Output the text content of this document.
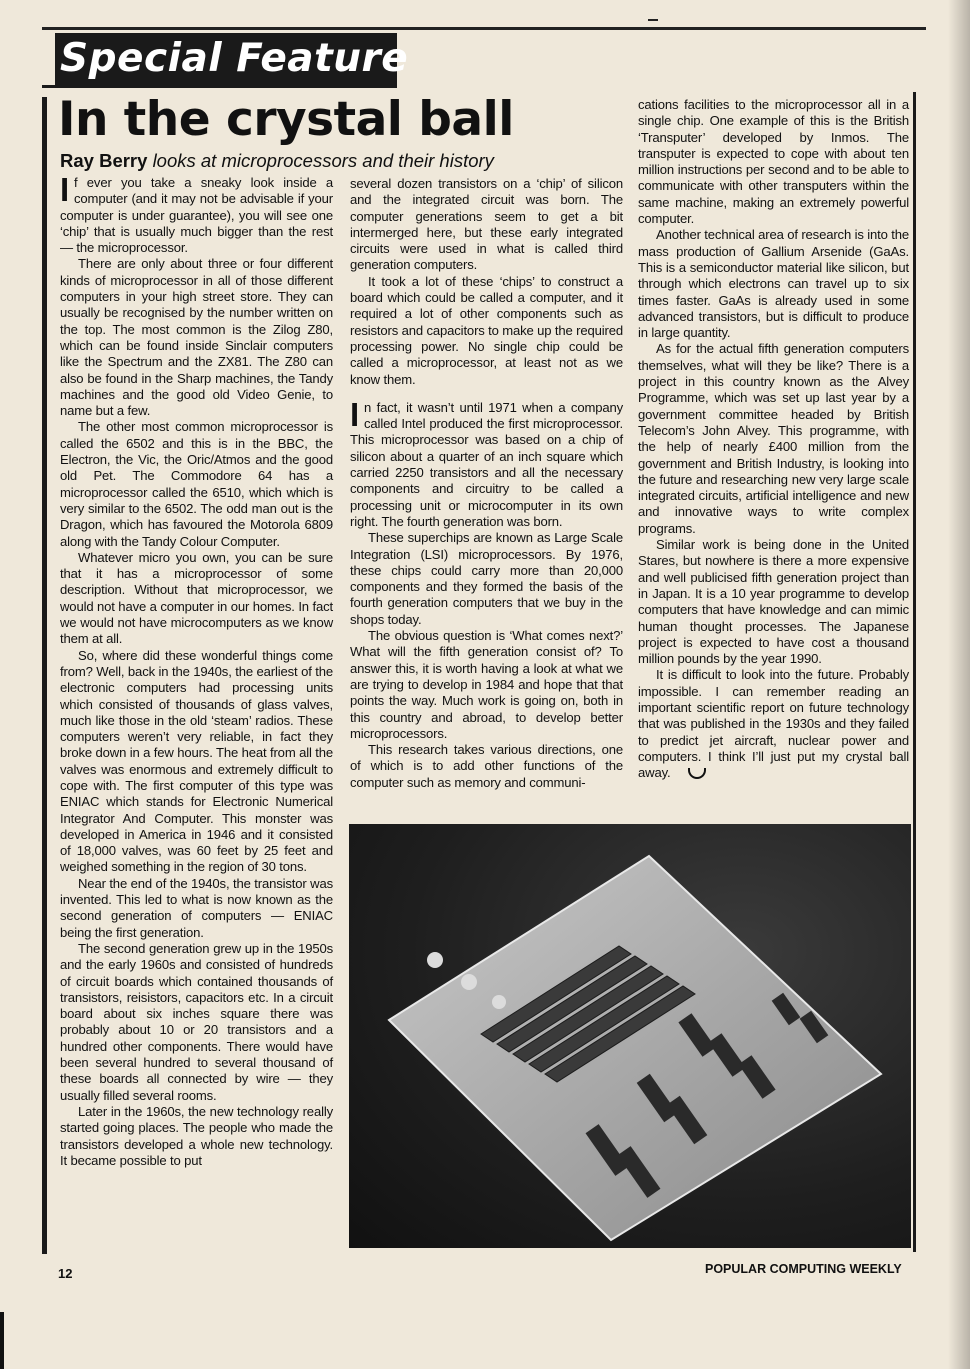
Special Feature
In the crystal ball
Ray Berry looks at microprocessors and their history

If ever you take a sneaky look inside a computer (and it may not be advisable if your computer is under guarantee), you will see one ‘chip’ that is usually much bigger than the rest — the microprocessor.

There are only about three or four different kinds of microprocessor in all of those different computers in your high street store. They can usually be recognised by the number written on the top. The most common is the Zilog Z80, which can be found inside Sinclair computers like the Spectrum and the ZX81. The Z80 can also be found in the Sharp machines, the Tandy machines and the good old Video Genie, to name but a few.

The other most common microprocessor is called the 6502 and this is in the BBC, the Electron, the Vic, the Oric/Atmos and the good old Pet. The Commodore 64 has a microprocessor called the 6510, which which is very similar to the 6502. The odd man out is the Dragon, which has favoured the Motorola 6809 along with the Tandy Colour Computer.

Whatever micro you own, you can be sure that it has a microprocessor of some description. Without that microprocessor, we would not have a computer in our homes. In fact we would not have microcomputers as we know them at all.

So, where did these wonderful things come from? Well, back in the 1940s, the earliest of the electronic computers had processing units which consisted of thousands of glass valves, much like those in the old ‘steam’ radios. These computers weren’t very reliable, in fact they broke down in a few hours. The heat from all the valves was enormous and extremely difficult to cope with. The first computer of this type was ENIAC which stands for Electronic Numerical Integrator And Computer. This monster was developed in America in 1946 and it consisted of 18,000 valves, was 60 feet by 25 feet and weighed something in the region of 30 tons.

Near the end of the 1940s, the transistor was invented. This led to what is now known as the second generation of computers — ENIAC being the first generation.

The second generation grew up in the 1950s and the early 1960s and consisted of hundreds of circuit boards which contained thousands of transistors, reisistors, capacitors etc. In a circuit board about six inches square there was probably about 10 or 20 transistors and a hundred other components. There would have been several hundred to several thousand of these boards all connected by wire — they usually filled several rooms.

Later in the 1960s, the new technology really started going places. The people who made the transistors developed a whole new technology. It became possible to put

several dozen transistors on a ‘chip’ of silicon and the integrated circuit was born. The computer generations seem to get a bit intermerged here, but these early integrated circuits were used in what is called third generation computers.

It took a lot of these ‘chips’ to construct a board which could be called a computer, and it required a lot of other components such as resistors and capacitors to make up the required processing power. No single chip could be called a microprocessor, at least not as we know them.

In fact, it wasn’t until 1971 when a company called Intel produced the first microprocessor. This microprocessor was based on a chip of silicon about a quarter of an inch square which carried 2250 transistors and all the necessary components and circuitry to be called a processing unit or microcomputer in its own right. The fourth generation was born.

These superchips are known as Large Scale Integration (LSI) microprocessors. By 1976, these chips could carry more than 20,000 components and they formed the basis of the fourth generation computers that we buy in the shops today.

The obvious question is ‘What comes next?’ What will the fifth generation consist of? To answer this, it is worth having a look at what we are trying to develop in 1984 and hope that that points the way. Much work is going on, both in this country and abroad, to develop better microprocessors.

This research takes various directions, one of which is to add other functions of the computer such as memory and communi-

cations facilities to the microprocessor all in a single chip. One example of this is the British ‘Transputer’ developed by Inmos. The transputer is expected to cope with about ten million instructions per second and to be able to communicate with other transputers within the same machine, making an extremely powerful computer.

Another technical area of research is into the mass production of Gallium Arsenide (GaAs. This is a semiconductor material like silicon, but through which electrons can travel up to six times faster. GaAs is already used in some advanced transistors, but is difficult to produce in large quantity.

As for the actual fifth generation computers themselves, what will they be like? There is a project in this country known as the Alvey Programme, which was set up last year by a government committee headed by British Telecom’s John Alvey. This programme, with the help of nearly £400 million from the government and British Industry, is looking into the future and researching new very large scale integrated circuits, artificial intelligence and new and innovative ways to write complex programs.

Similar work is being done in the United Stares, but nowhere is there a more expensive and well publicised fifth generation project than in Japan. It is a 10 year programme to develop computers that have knowledge and can mimic human thought processes. The Japanese project is expected to have cost a thousand million pounds by the year 1990.

It is difficult to look into the future. Probably impossible. I can remember reading an important scientific report on future technology that was published in the 1930s and they failed to predict jet aircraft, nuclear power and computers. I think I’ll just put my crystal ball away.

12	POPULAR COMPUTING WEEKLY
